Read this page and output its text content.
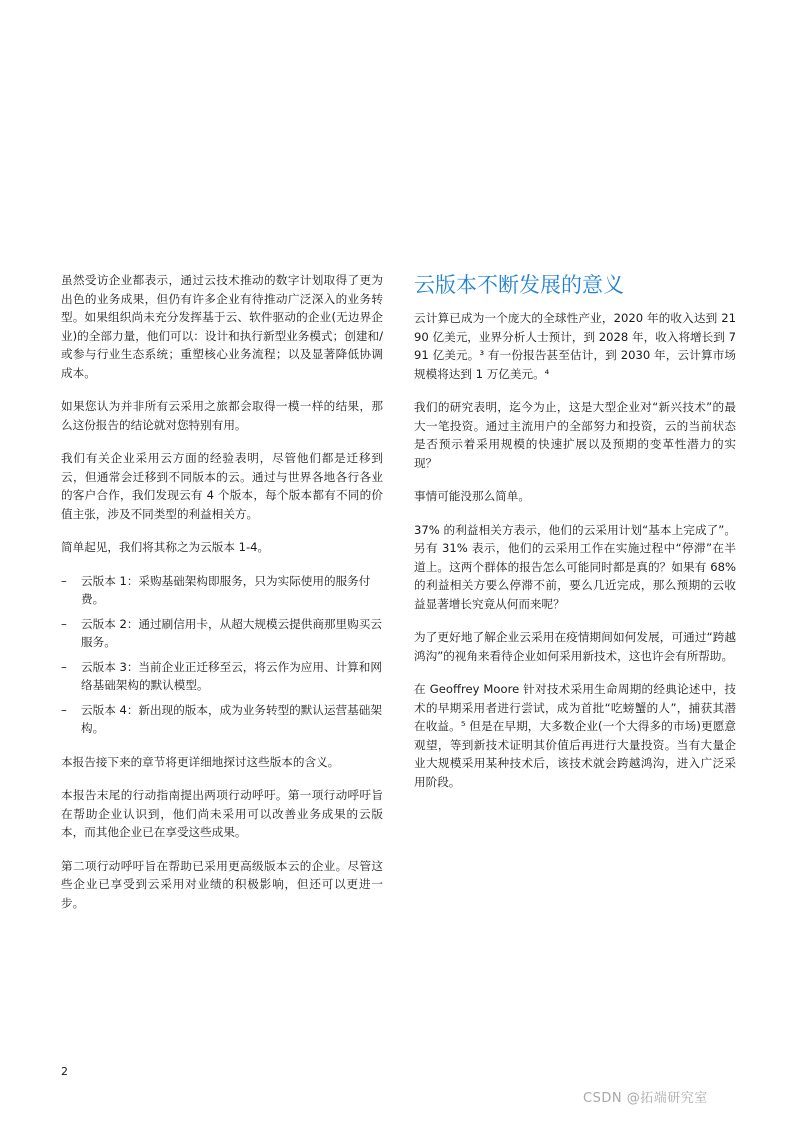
虽然受访企业都表示，通过云技术推动的数字计划取得了更为出色的业务成果，但仍有许多企业有待推动广泛深入的业务转型。如果组织尚未充分发挥基于云、软件驱动的企业(无边界企业)的全部力量，他们可以：设计和执行新型业务模式；创建和/或参与行业生态系统；重塑核心业务流程；以及显著降低协调成本。

如果您认为并非所有云采用之旅都会取得一模一样的结果，那么这份报告的结论就对您特别有用。

我们有关企业采用云方面的经验表明，尽管他们都是迁移到云，但通常会迁移到不同版本的云。通过与世界各地各行各业的客户合作，我们发现云有 4 个版本，每个版本都有不同的价值主张，涉及不同类型的利益相关方。

简单起见，我们将其称之为云版本 1-4。

– 云版本 1：采购基础架构即服务，只为实际使用的服务付费。
– 云版本 2：通过刷信用卡，从超大规模云提供商那里购买云服务。
– 云版本 3：当前企业正迁移至云，将云作为应用、计算和网络基础架构的默认模型。
– 云版本 4：新出现的版本，成为业务转型的默认运营基础架构。

本报告接下来的章节将更详细地探讨这些版本的含义。

本报告末尾的行动指南提出两项行动呼吁。第一项行动呼吁旨在帮助企业认识到，他们尚未采用可以改善业务成果的云版本，而其他企业已在享受这些成果。

第二项行动呼吁旨在帮助已采用更高级版本云的企业。尽管这些企业已享受到云采用对业绩的积极影响，但还可以更进一步。

云版本不断发展的意义

云计算已成为一个庞大的全球性产业，2020 年的收入达到 2190 亿美元，业界分析人士预计，到 2028 年，收入将增长到 791 亿美元。³ 有一份报告甚至估计，到 2030 年，云计算市场规模将达到 1 万亿美元。⁴

我们的研究表明，迄今为止，这是大型企业对“新兴技术”的最大一笔投资。通过主流用户的全部努力和投资，云的当前状态是否预示着采用规模的快速扩展以及预期的变革性潜力的实现？

事情可能没那么简单。

37% 的利益相关方表示，他们的云采用计划“基本上完成了”。另有 31% 表示，他们的云采用工作在实施过程中“停滞”在半道上。这两个群体的报告怎么可能同时都是真的？如果有 68% 的利益相关方要么停滞不前，要么几近完成，那么预期的云收益显著增长究竟从何而来呢？

为了更好地了解企业云采用在疫情期间如何发展，可通过“跨越鸿沟”的视角来看待企业如何采用新技术，这也许会有所帮助。

在 Geoffrey Moore 针对技术采用生命周期的经典论述中，技术的早期采用者进行尝试，成为首批“吃螃蟹的人”，捕获其潜在收益。⁵ 但是在早期，大多数企业(一个大得多的市场)更愿意观望，等到新技术证明其价值后再进行大量投资。当有大量企业大规模采用某种技术后，该技术就会跨越鸿沟，进入广泛采用阶段。

2
CSDN @拓端研究室
